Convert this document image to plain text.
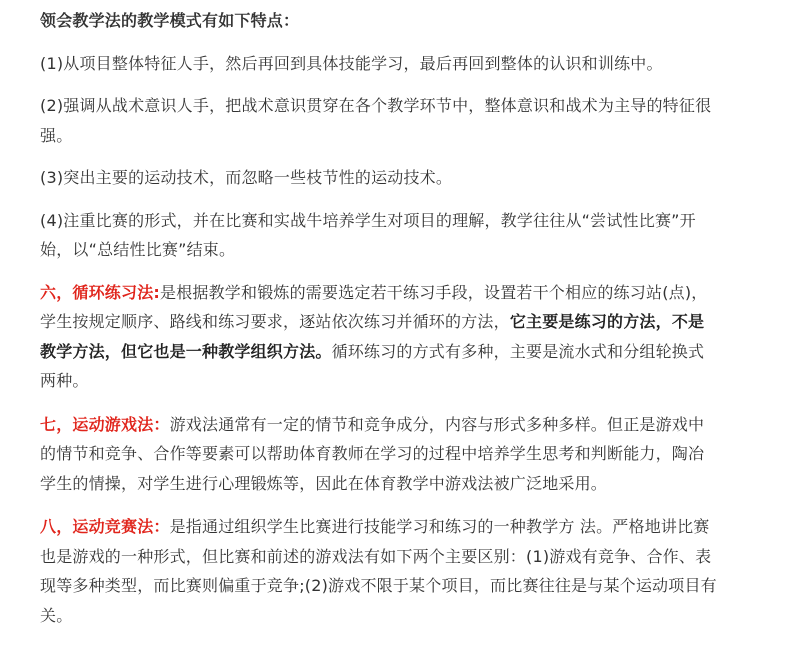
领会教学法的教学模式有如下特点：

(1)从项目整体特征人手，然后再回到具体技能学习，最后再回到整体的认识和训练中。

(2)强调从战术意识人手，把战术意识贯穿在各个教学环节中，整体意识和战术为主导的特征很强。

(3)突出主要的运动技术，而忽略一些枝节性的运动技术。

(4)注重比赛的形式，并在比赛和实战牛培养学生对项目的理解，教学往往从“尝试性比赛”开始，以“总结性比赛”结束。

六，循环练习法:是根据教学和锻炼的需要选定若干练习手段，设置若干个相应的练习站(点)，学生按规定顺序、路线和练习要求，逐站依次练习并循环的方法，它主要是练习的方法，不是教学方法，但它也是一种教学组织方法。循环练习的方式有多种，主要是流水式和分组轮换式两种。

七，运动游戏法：游戏法通常有一定的情节和竞争成分，内容与形式多种多样。但正是游戏中的情节和竞争、合作等要素可以帮助体育教师在学习的过程中培养学生思考和判断能力，陶冶学生的情操，对学生进行心理锻炼等，因此在体育教学中游戏法被广泛地采用。

八，运动竞赛法：是指通过组织学生比赛进行技能学习和练习的一种教学方 法。严格地讲比赛也是游戏的一种形式，但比赛和前述的游戏法有如下两个主要区别：(1)游戏有竞争、合作、表现等多种类型，而比赛则偏重于竞争;(2)游戏不限于某个项目，而比赛往往是与某个运动项目有关。
